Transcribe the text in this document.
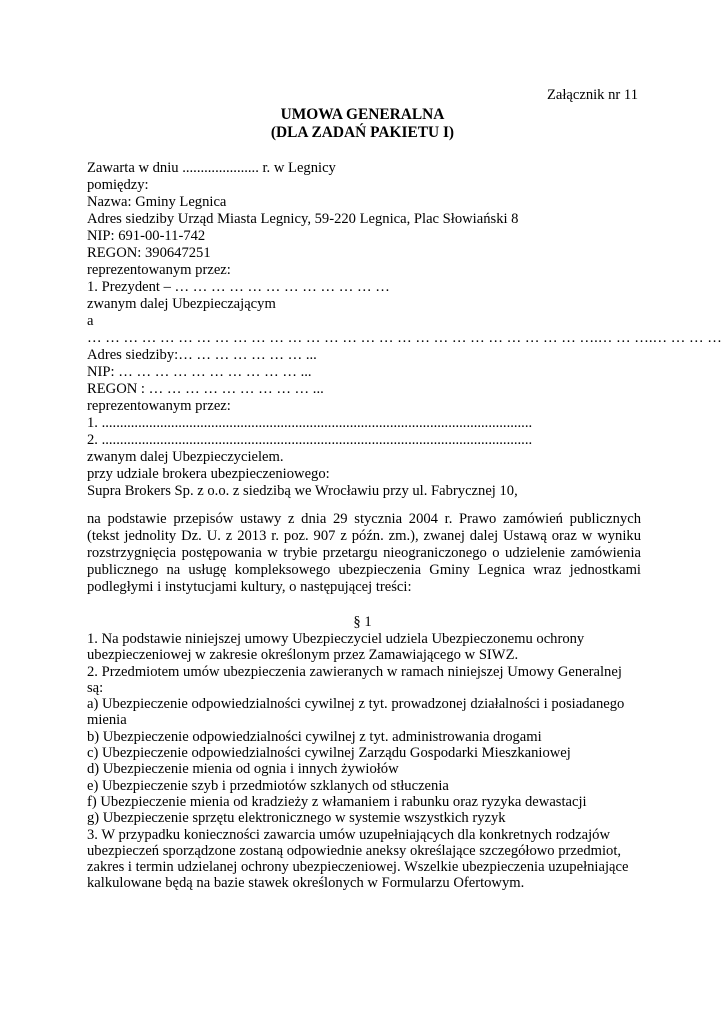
Załącznik nr 11
UMOWA GENERALNA
(DLA ZADAŃ PAKIETU I)
Zawarta w dniu ..................... r. w Legnicy
pomiędzy:
Nazwa: Gminy Legnica
Adres siedziby Urząd Miasta Legnicy, 59-220 Legnica, Plac Słowiański 8
NIP: 691-00-11-742
REGON: 390647251
reprezentowanym przez:
1. Prezydent – … … … … … … … … … … … …
zwanym dalej Ubezpieczającym
a
… … … … … … … … … … … … … … … … … … … … … … … … … … … ….… … ….… … … …
Adres siedziby:… … … … … … … ...
NIP: … … … … … … … … … … ...
REGON : … … … … … … … … … ...
reprezentowanym przez:
1. ......................................................................................................................
2. ......................................................................................................................
zwanym dalej Ubezpieczycielem.
przy udziale brokera ubezpieczeniowego:
Supra Brokers Sp. z o.o. z siedzibą we Wrocławiu przy ul. Fabrycznej 10,
na podstawie przepisów ustawy z dnia 29 stycznia 2004 r. Prawo zamówień publicznych
(tekst jednolity Dz. U. z 2013 r. poz. 907 z późn. zm.), zwanej dalej Ustawą oraz w wyniku
rozstrzygnięcia postępowania w trybie przetargu nieograniczonego o udzielenie zamówienia
publicznego na usługę kompleksowego ubezpieczenia Gminy Legnica wraz jednostkami
podległymi i instytucjami kultury, o następującej treści:
§ 1
1. Na podstawie niniejszej umowy Ubezpieczyciel udziela Ubezpieczonemu ochrony
ubezpieczeniowej w zakresie określonym przez Zamawiającego w SIWZ.
2. Przedmiotem umów ubezpieczenia zawieranych w ramach niniejszej Umowy Generalnej
są:
a) Ubezpieczenie odpowiedzialności cywilnej z tyt. prowadzonej działalności i posiadanego
mienia
b) Ubezpieczenie odpowiedzialności cywilnej z tyt. administrowania drogami
c) Ubezpieczenie odpowiedzialności cywilnej Zarządu Gospodarki Mieszkaniowej
d) Ubezpieczenie mienia od ognia i innych żywiołów
e) Ubezpieczenie szyb i przedmiotów szklanych od stłuczenia
f) Ubezpieczenie mienia od kradzieży z włamaniem i rabunku oraz ryzyka dewastacji
g) Ubezpieczenie sprzętu elektronicznego w systemie wszystkich ryzyk
3. W przypadku konieczności zawarcia umów uzupełniających dla konkretnych rodzajów
ubezpieczeń sporządzone zostaną odpowiednie aneksy określające szczegółowo przedmiot,
zakres i termin udzielanej ochrony ubezpieczeniowej. Wszelkie ubezpieczenia uzupełniające
kalkulowane będą na bazie stawek określonych w Formularzu Ofertowym.
